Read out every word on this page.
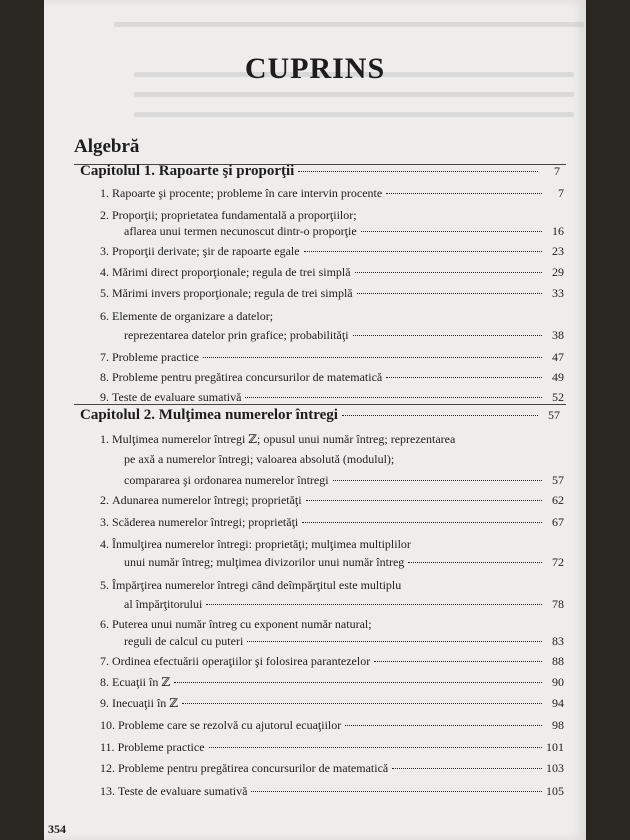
CUPRINS
Algebră
Capitolul 1. Rapoarte şi proporţii	7
1.
Rapoarte şi procente; probleme în care intervin procente	7
2.
Proporţii; proprietatea fundamentală a proporţiilor;
aflarea unui termen necunoscut dintr-o proporţie	16
3.
Proporţii derivate; şir de rapoarte egale	23
4.
Mărimi direct proporţionale; regula de trei simplă	29
5.
Mărimi invers proporţionale; regula de trei simplă	33
6.
Elemente de organizare a datelor;
reprezentarea datelor prin grafice; probabilităţi	38
7.
Probleme practice	47
8.
Probleme pentru pregătirea concursurilor de matematică	49
9.
Teste de evaluare sumativă	52
Capitolul 2. Mulţimea numerelor întregi	57
1.
Mulţimea numerelor întregi ℤ; opusul unui număr întreg; reprezentarea
pe axă a numerelor întregi; valoarea absolută (modulul);
compararea şi ordonarea numerelor întregi	57
2.
Adunarea numerelor întregi; proprietăţi	62
3.
Scăderea numerelor întregi; proprietăţi	67
4.
Înmulţirea numerelor întregi: proprietăţi; mulţimea multiplilor
unui număr întreg; mulţimea divizorilor unui număr întreg	72
5.
Împărţirea numerelor întregi când deîmpărţitul este multiplu
al împărţitorului	78
6.
Puterea unui număr întreg cu exponent număr natural;
reguli de calcul cu puteri	83
7.
Ordinea efectuării operaţiilor şi folosirea parantezelor	88
8.
Ecuaţii în ℤ	90
9.
Inecuaţii în ℤ	94
10.
Probleme care se rezolvă cu ajutorul ecuaţiilor	98
11.
Probleme practice	101
12.
Probleme pentru pregătirea concursurilor de matematică	103
13.
Teste de evaluare sumativă	105
354
